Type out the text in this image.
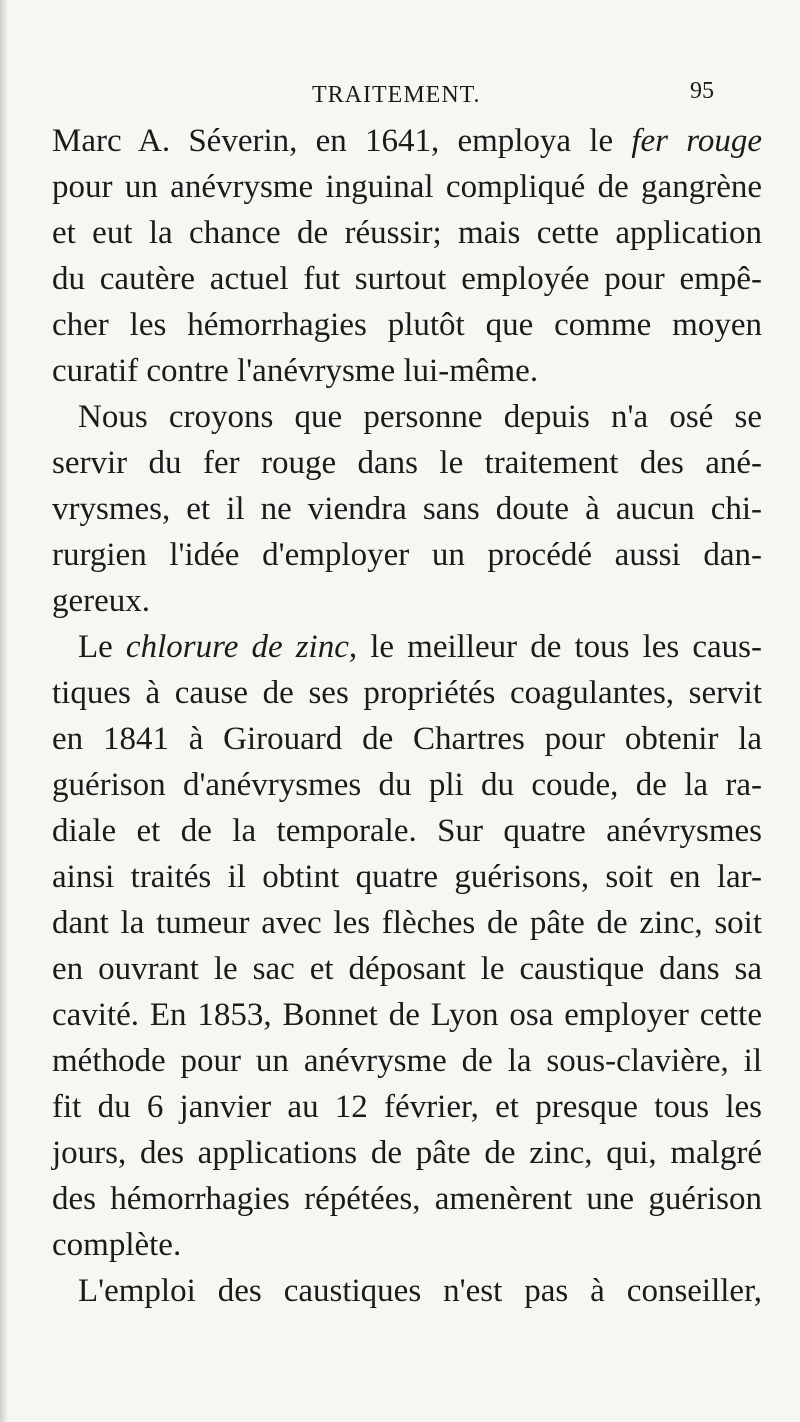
TRAITEMENT.	95
Marc A. Séverin, en 1641, employa le fer rouge
pour un anévrysme inguinal compliqué de gangrène
et eut la chance de réussir; mais cette application
du cautère actuel fut surtout employée pour empê-
cher les hémorrhagies plutôt que comme moyen
curatif contre l'anévrysme lui-même.
Nous croyons que personne depuis n'a osé se
servir du fer rouge dans le traitement des ané-
vrysmes, et il ne viendra sans doute à aucun chi-
rurgien l'idée d'employer un procédé aussi dan-
gereux.
Le chlorure de zinc, le meilleur de tous les caus-
tiques à cause de ses propriétés coagulantes, servit
en 1841 à Girouard de Chartres pour obtenir la
guérison d'anévrysmes du pli du coude, de la ra-
diale et de la temporale. Sur quatre anévrysmes
ainsi traités il obtint quatre guérisons, soit en lar-
dant la tumeur avec les flèches de pâte de zinc, soit
en ouvrant le sac et déposant le caustique dans sa
cavité. En 1853, Bonnet de Lyon osa employer cette
méthode pour un anévrysme de la sous-clavière, il
fit du 6 janvier au 12 février, et presque tous les
jours, des applications de pâte de zinc, qui, malgré
des hémorrhagies répétées, amenèrent une guérison
complète.
L'emploi des caustiques n'est pas à conseiller,
